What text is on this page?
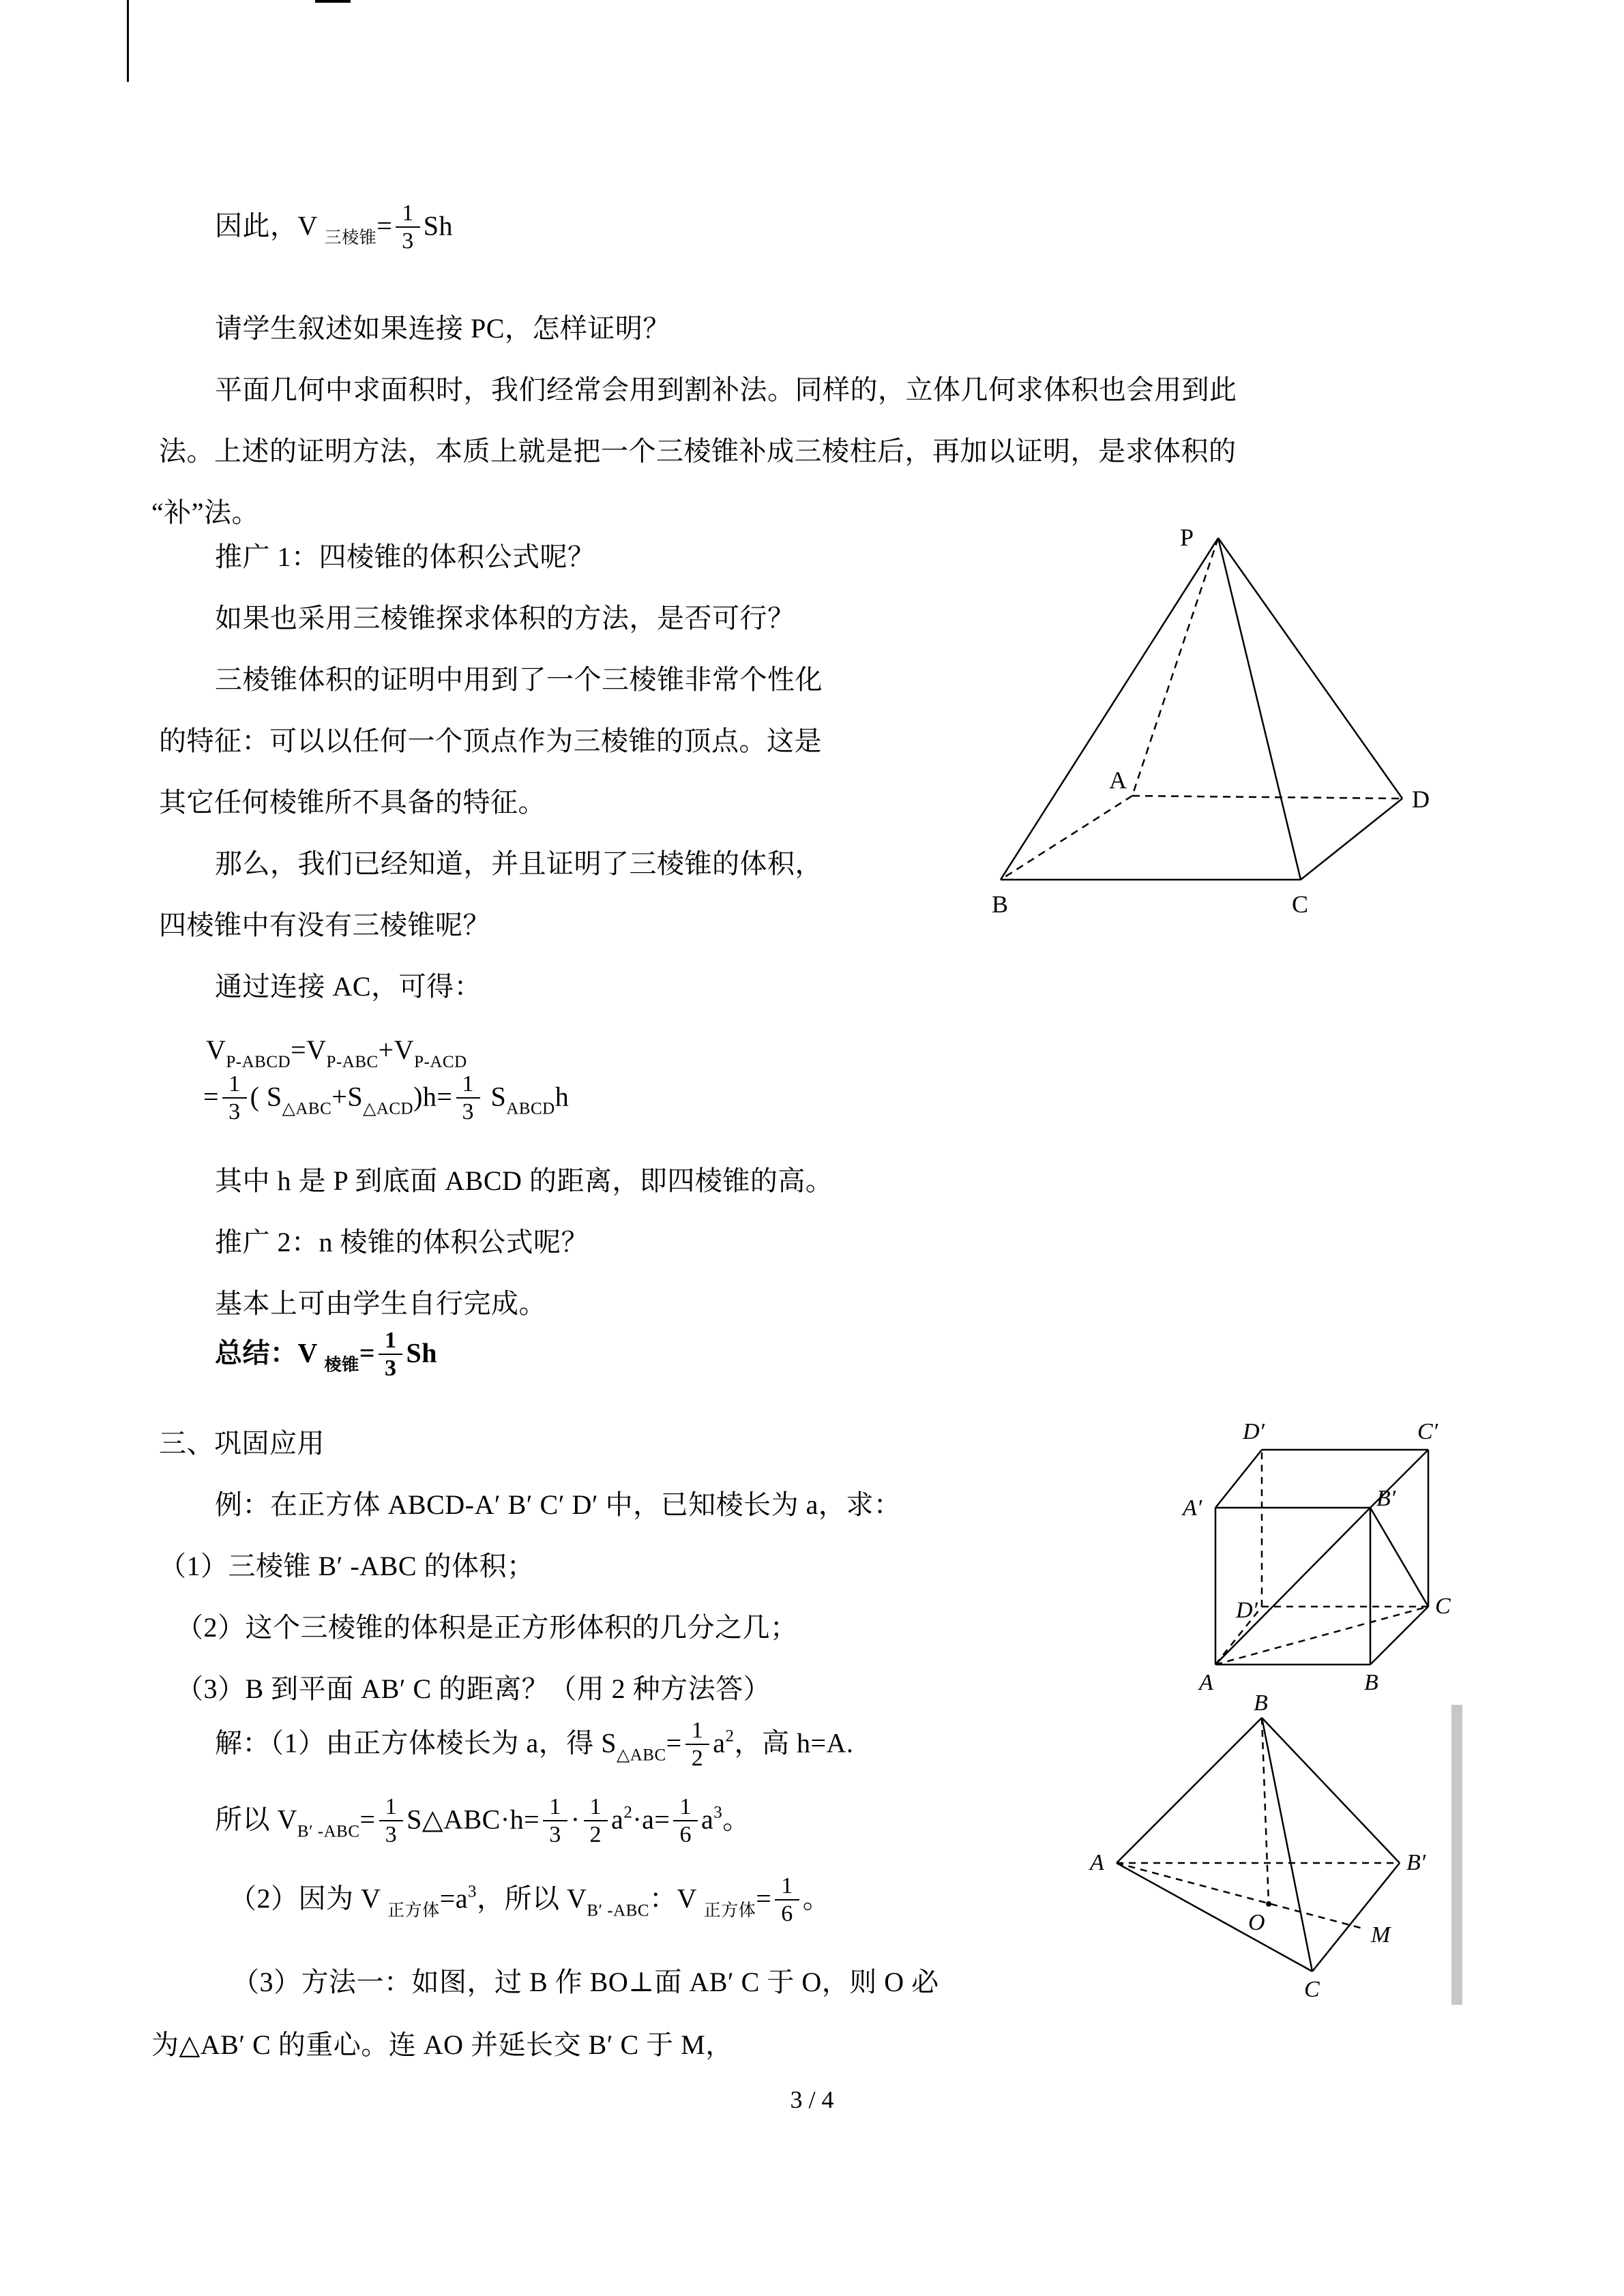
因此，V $_{三棱锥}= \frac{1}{3}$ Sh
请学生叙述如果连接 PC，怎样证明？
平面几何中求面积时，我们经常会用到割补法。同样的，立体几何求体积也会用到此
法。上述的证明方法，本质上就是把一个三棱锥补成三棱柱后，再加以证明，是求体积的
“补”法。
推广 1：四棱锥的体积公式呢？
如果也采用三棱锥探求体积的方法，是否可行？
三棱锥体积的证明中用到了一个三棱锥非常个性化
的特征：可以以任何一个顶点作为三棱锥的顶点。这是
其它任何棱锥所不具备的特征。
那么，我们已经知道，并且证明了三棱锥的体积，
四棱锥中有没有三棱锥呢？
通过连接 AC，可得：
$V_{P-ABCD}=V_{P-ABC}+V_{P-ACD}$
= $\frac{1}{3}$ ( $S_{\triangle ABC}+S_{\triangle ACD})h= \frac{1}{3} S_{ABCD}h$
其中 h 是 P 到底面 ABCD 的距离，即四棱锥的高。
推广 2：n 棱锥的体积公式呢？
基本上可由学生自行完成。
总结：V $_{棱锥}= \frac{1}{3}$ Sh
三、巩固应用
例：在正方体 ABCD-A′ B′ C′ D′ 中，已知棱长为 a，求：
（1）三棱锥 B′ -ABC 的体积；
（2）这个三棱锥的体积是正方形体积的几分之几；
（3）B 到平面 AB′ C 的距离？（用 2 种方法答）
解：（1）由正方体棱长为 a，得 $S_{\triangle ABC}= \frac{1}{2} a^2$，高 h=A.
所以 $V_{B' -ABC}= \frac{1}{3}$ S△ABC·h= $\frac{1}{3} \cdot \frac{1}{2} a^2\cdot a= \frac{1}{6} a^3$。
（2）因为 V $_{正方体}=a^3$，所以 $V_{B' -ABC}$：V $_{正方体}= \frac{1}{6}$ 。
（3）方法一：如图，过 B 作 BO⊥面 AB′ C 于 O，则 O 必
为△AB′ C 的重心。连 AO 并延长交 B′ C 于 M，
3 / 4
P
A
B	C
D
D′	C′
A′	B′
D′	C
A	B
B
A	B′
C
O	M
